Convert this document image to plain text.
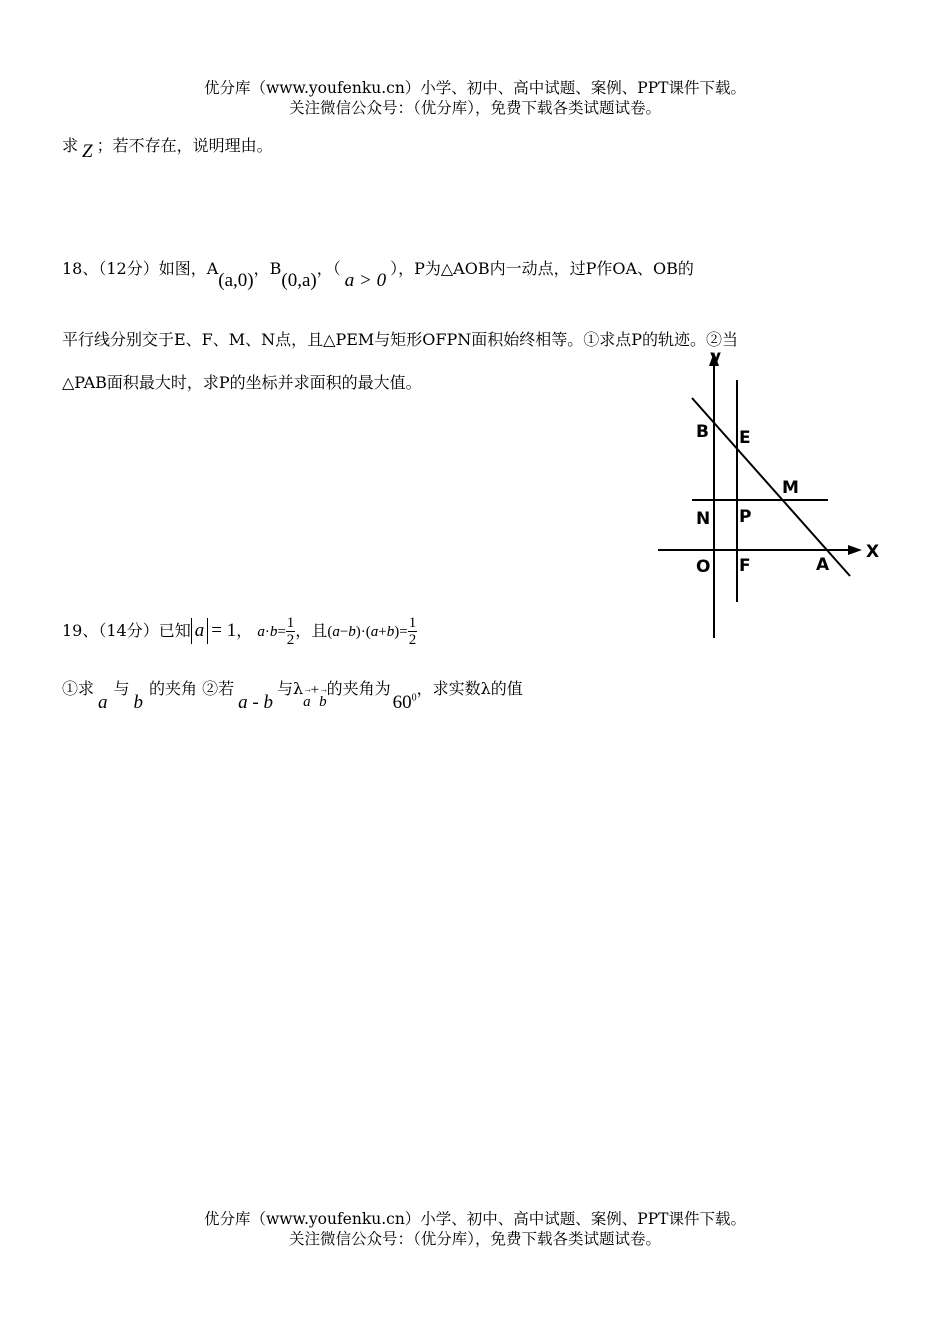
优分库（www.youfenku.cn）小学、初中、高中试题、案例、PPT课件下载。
关注微信公众号：（优分库），免费下载各类试题试卷。
求 Z ；若不存在，说明理由。
18、（12分）如图，A(a,0)，B(0,a)，（a > 0），P为△AOB内一动点，过P作OA、OB的
平行线分别交于E、F、M、N点，且△PEM与矩形OFPN面积始终相等。①求点P的轨迹。②当
△PAB面积最大时，求P的坐标并求面积的最大值。
y
X
B E
M
N P
O F	A
19、（14分）已知 a = 1， → $a\cdot\to b= \frac{1}{2}$ ，且(→ $a-\to b)\cdot(\to a+\to b)= \frac{1}{2}$
①求a与b的夹角 ②若a - b与λ→ a+→ b的夹角为$60^0$，求实数λ的值
优分库（www.youfenku.cn）小学、初中、高中试题、案例、PPT课件下载。
关注微信公众号：（优分库），免费下载各类试题试卷。
